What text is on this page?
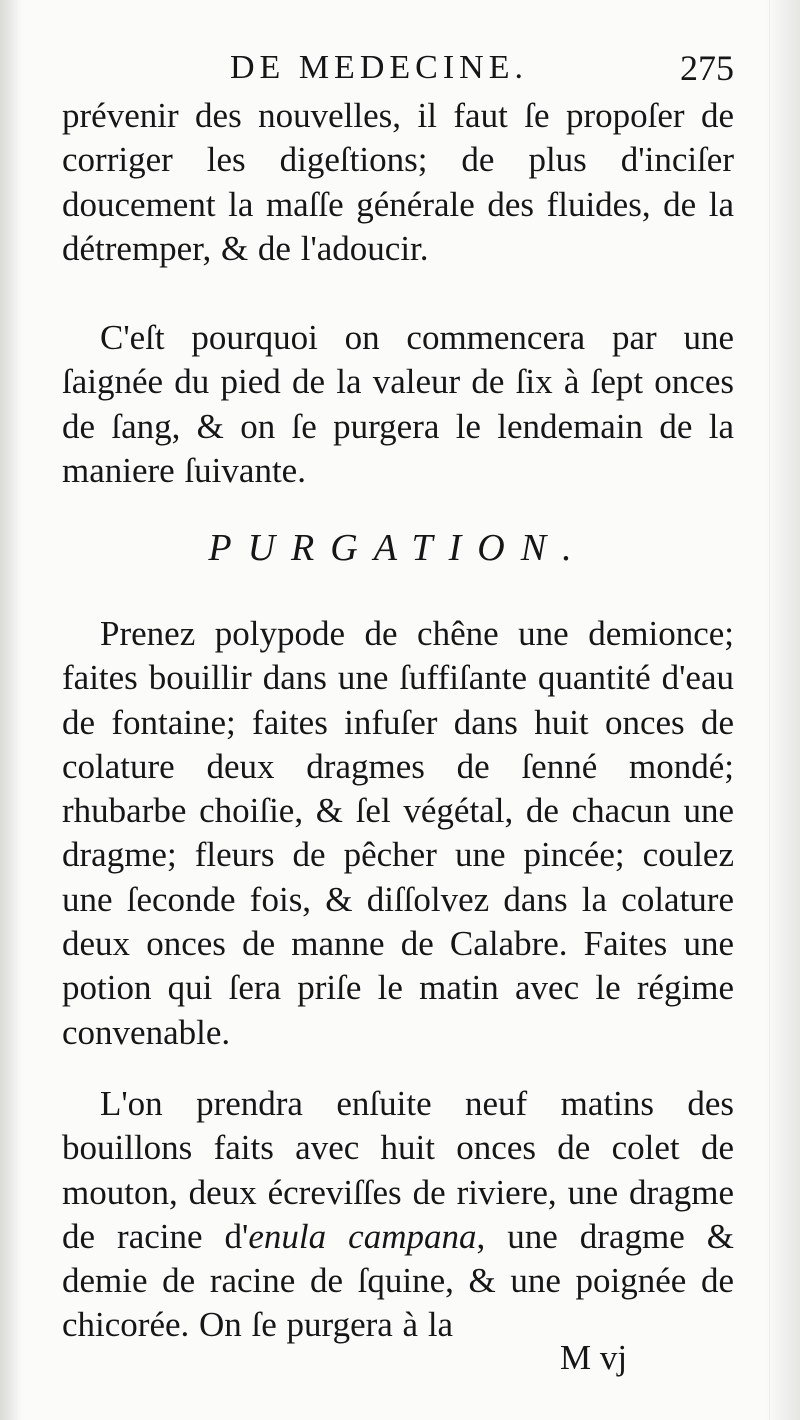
DE MEDECINE.	275
prévenir des nouvelles, il faut ſe propoſer de corriger les digeſtions; de plus d'inciſer doucement la maſſe générale des fluides, de la détremper, & de l'adoucir.
C'eſt pourquoi on commencera par une ſaignée du pied de la valeur de ſix à ſept onces de ſang, & on ſe purgera le lendemain de la maniere ſuivante.
PURGATION.
Prenez polypode de chêne une demionce; faites bouillir dans une ſuffiſante quantité d'eau de fontaine; faites infuſer dans huit onces de colature deux dragmes de ſenné mondé; rhubarbe choiſie, & ſel végétal, de chacun une dragme; fleurs de pêcher une pincée; coulez une ſeconde fois, & diſſolvez dans la colature deux onces de manne de Calabre. Faites une potion qui ſera priſe le matin avec le régime convenable.
L'on prendra enſuite neuf matins des bouillons faits avec huit onces de colet de mouton, deux écreviſſes de riviere, une dragme de racine d'enula campana, une dragme & demie de racine de ſquine, & une poignée de chicorée. On ſe purgera à la
M vj
